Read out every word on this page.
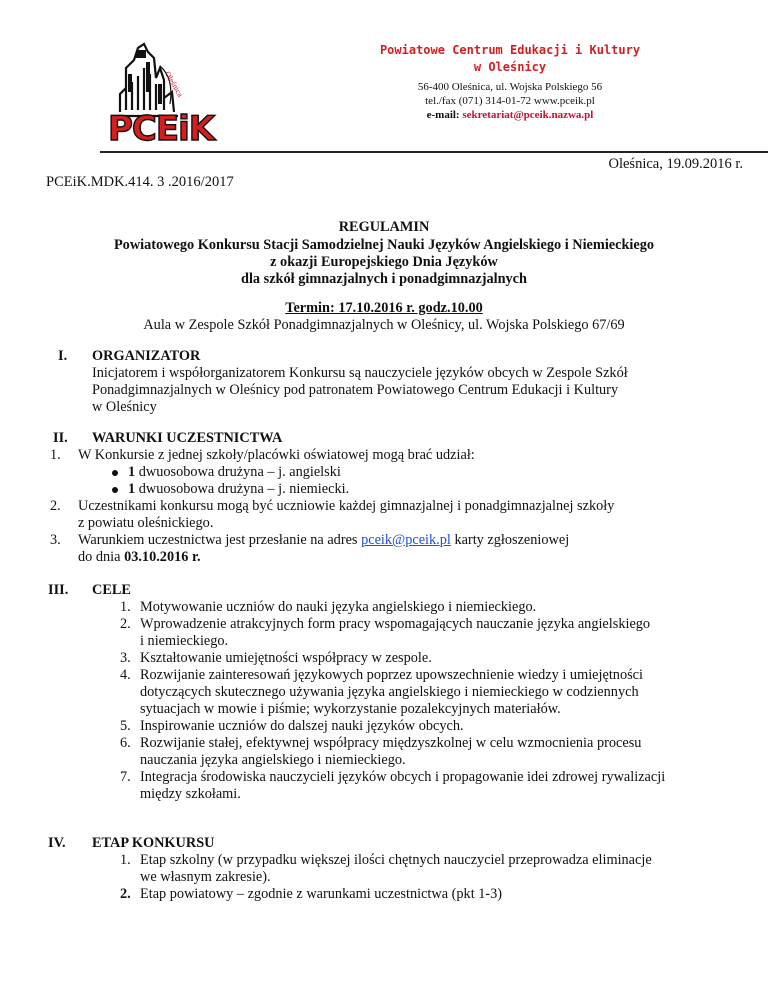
Oleśnica
PCEiK
Powiatowe Centrum Edukacji i Kultury
w Oleśnicy
56-400 Oleśnica, ul. Wojska Polskiego 56
tel./fax (071) 314-01-72 www.pceik.pl
e-mail: sekretariat@pceik.nazwa.pl
Oleśnica, 19.09.2016 r.
PCEiK.MDK.414. 3 .2016/2017
REGULAMIN
Powiatowego Konkursu Stacji Samodzielnej Nauki Języków Angielskiego i Niemieckiego
z okazji Europejskiego Dnia Języków
dla szkół gimnazjalnych i ponadgimnazjalnych
Termin: 17.10.2016 r. godz.10.00
Aula w Zespole Szkół Ponadgimnazjalnych w Oleśnicy, ul. Wojska Polskiego 67/69
I. ORGANIZATOR
Inicjatorem i współorganizatorem Konkursu są nauczyciele języków obcych w Zespole Szkół
Ponadgimnazjalnych w Oleśnicy pod patronatem Powiatowego Centrum Edukacji i Kultury
w Oleśnicy
II. WARUNKI UCZESTNICTWA
1. W Konkursie z jednej szkoły/placówki oświatowej mogą brać udział:
1 dwuosobowa drużyna – j. angielski
1 dwuosobowa drużyna – j. niemiecki.
2. Uczestnikami konkursu mogą być uczniowie każdej gimnazjalnej i ponadgimnazjalnej szkoły
z powiatu oleśnickiego.
3. Warunkiem uczestnictwa jest przesłanie na adres pceik@pceik.pl karty zgłoszeniowej
do dnia 03.10.2016 r.
III. CELE
1. Motywowanie uczniów do nauki języka angielskiego i niemieckiego.
2. Wprowadzenie atrakcyjnych form pracy wspomagających nauczanie języka angielskiego
i niemieckiego.
3. Kształtowanie umiejętności współpracy w zespole.
4. Rozwijanie zainteresowań językowych poprzez upowszechnienie wiedzy i umiejętności
dotyczących skutecznego używania języka angielskiego i niemieckiego w codziennych
sytuacjach w mowie i piśmie; wykorzystanie pozalekcyjnych materiałów.
5. Inspirowanie uczniów do dalszej nauki języków obcych.
6. Rozwijanie stałej, efektywnej współpracy międzyszkolnej w celu wzmocnienia procesu
nauczania języka angielskiego i niemieckiego.
7. Integracja środowiska nauczycieli języków obcych i propagowanie idei zdrowej rywalizacji
między szkołami.
IV. ETAP KONKURSU
1. Etap szkolny (w przypadku większej ilości chętnych nauczyciel przeprowadza eliminacje
we własnym zakresie).
2. Etap powiatowy – zgodnie z warunkami uczestnictwa (pkt 1-3)
